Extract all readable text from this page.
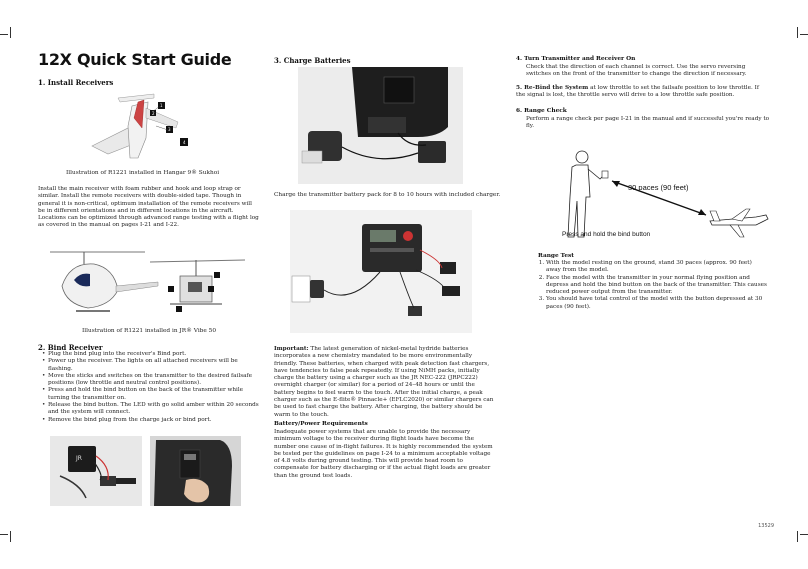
12X Quick Start Guide
1. Install Receivers
1
2
3
4
Illustration of R1221 installed in Hangar 9® Sukhoi
Install the main receiver with foam rubber and hook and loop strap or similar. Install the remote receivers with double-sided tape. Though in general it is non-critical, optimum installation of the remote receivers will be in different orientations and in different locations in the aircraft. Locations can be optimized through advanced range testing with a flight log as covered in the manual on pages I-21 and I-22.
Illustration of R1221 installed in JR® Vibe 50
2. Bind Receiver
• Plug the bind plug into the receiver's Bind port.
• Power up the receiver. The lights on all attached receivers will be flashing.
• Move the sticks and switches on the transmitter to the desired failsafe positions (low throttle and neutral control positions).
• Press and hold the bind button on the back of the transmitter while turning the transmitter on.
• Release the bind button. The LED with go solid amber within 20 seconds and the system will connect.
• Remove the bind plug from the charge jack or bind port.
JR
3. Charge Batteries
Charge the transmitter battery pack for 8 to 10 hours with included charger.
Important: The latest generation of nickel-metal hydride batteries incorporates a new chemistry mandated to be more environmentally friendly. These batteries, when charged with peak detection fast chargers, have tendencies to false peak repeatedly. If using NiMH packs, initially charge the battery using a charger such as the JR NEC-222 (JRPC222) overnight charger (or similar) for a period of 24–48 hours or until the battery begins to feel warm to the touch. After the initial charge, a peak charger such as the E-flite® Pinnacle+ (EFLC2020) or similar chargers can be used to fast charge the battery. After charging, the battery should be warm to the touch.
Battery/Power Requirements
Inadequate power systems that are unable to provide the necessary minimum voltage to the receiver during flight loads have become the number one cause of in-flight failures. It is highly recommended the system be tested per the guidelines on page I-24 to a minimum acceptable voltage of 4.8 volts during ground testing. This will provide head room to compensate for battery discharging or if the actual flight loads are greater than the ground test loads.
4. Turn Transmitter and Receiver On
Check that the direction of each channel is correct. Use the servo reversing switches on the front of the transmitter to change the direction if necessary.
5. Re-Bind the System at low throttle to set the failsafe position to low throttle. If the signal is lost, the throttle servo will drive to a low throttle safe position.
6. Range Check
Perform a range check per page I-21 in the manual and if successful you're ready to fly.
30 paces (90 feet)
Press and hold the bind button
Range Test
1. With the model resting on the ground, stand 30 paces (approx. 90 feet) away from the model.
2. Face the model with the transmitter in your normal flying position and depress and hold the bind button on the back of the transmitter. This causes reduced power output from the transmitter.
3. You should have total control of the model with the button depressed at 30 paces (90 feet).
13529
